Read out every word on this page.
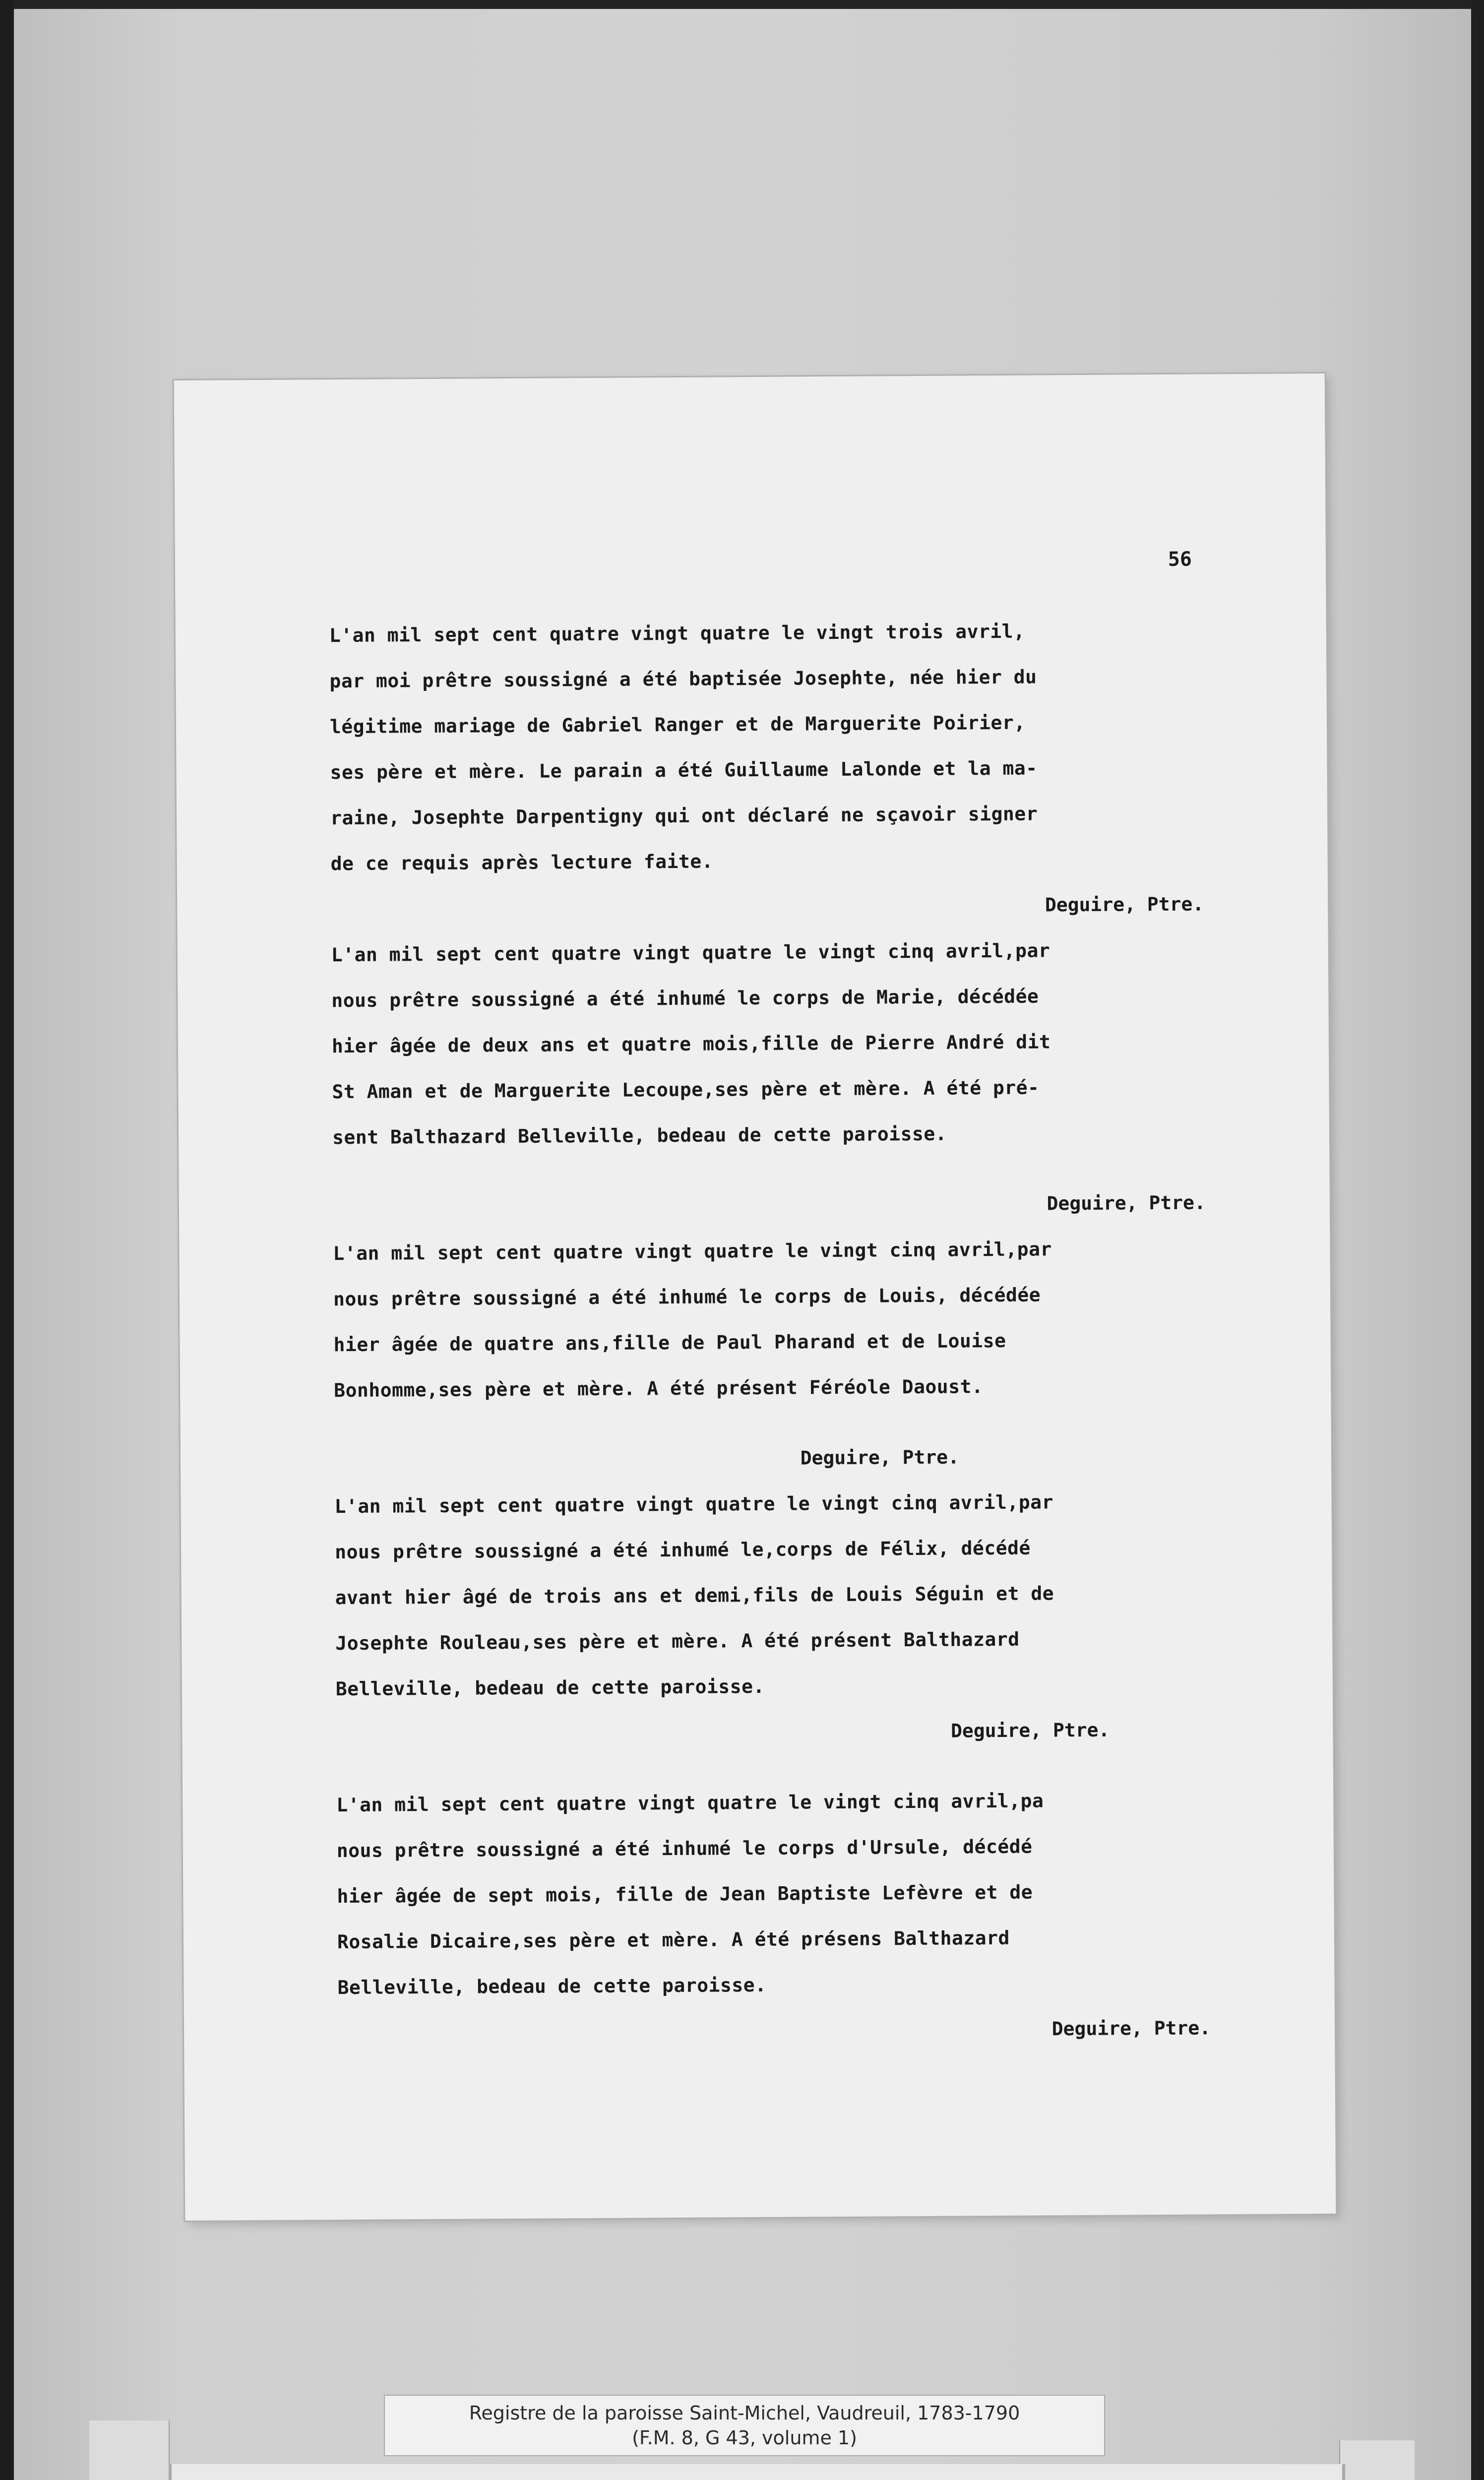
56

L'an mil sept cent quatre vingt quatre le vingt trois avril,

par moi prêtre soussigné a été baptisée Josephte, née hier du

légitime mariage de Gabriel Ranger et de Marguerite Poirier,

ses père et mère. Le parain a été Guillaume Lalonde et la ma-

raine, Josephte Darpentigny qui ont déclaré ne sçavoir signer

de ce requis après lecture faite.

Deguire, Ptre.

L'an mil sept cent quatre vingt quatre le vingt cinq avril,par

nous prêtre soussigné a été inhumé le corps de Marie, décédée

hier âgée de deux ans et quatre mois,fille de Pierre André dit

St Aman et de Marguerite Lecoupe,ses père et mère. A été pré-

sent Balthazard Belleville, bedeau de cette paroisse.

Deguire, Ptre.

L'an mil sept cent quatre vingt quatre le vingt cinq avril,par

nous prêtre soussigné a été inhumé le corps de Louis, décédée

hier âgée de quatre ans,fille de Paul Pharand et de Louise

Bonhomme,ses père et mère. A été présent Féréole Daoust.

Deguire, Ptre.

L'an mil sept cent quatre vingt quatre le vingt cinq avril,par

nous prêtre soussigné a été inhumé le,corps de Félix, décédé

avant hier âgé de trois ans et demi,fils de Louis Séguin et de

Josephte Rouleau,ses père et mère. A été présent Balthazard

Belleville, bedeau de cette paroisse.

Deguire, Ptre.

L'an mil sept cent quatre vingt quatre le vingt cinq avril,pa

nous prêtre soussigné a été inhumé le corps d'Ursule, décédé

hier âgée de sept mois, fille de Jean Baptiste Lefèvre et de

Rosalie Dicaire,ses père et mère. A été présens Balthazard

Belleville, bedeau de cette paroisse.

Deguire, Ptre.

Registre de la paroisse Saint-Michel, Vaudreuil, 1783-1790

(F.M. 8, G 43, volume 1)
